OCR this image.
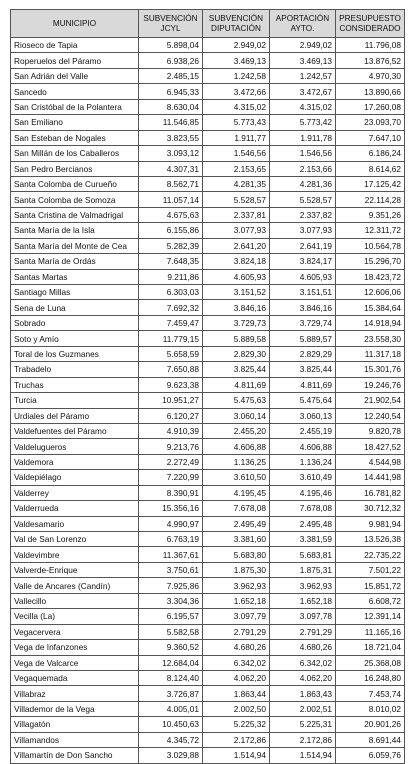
MUNICIPIO	SUBVENCIÓN JCYL	SUBVENCIÓN DIPUTACIÓN	APORTACIÓN AYTO.	PRESUPUESTO CONSIDERADO
Rioseco de Tapia	5.898,04	2.949,02	2.949,02	11.796,08
Roperuelos del Páramo	6.938,26	3.469,13	3.469,13	13.876,52
San Adrián del Valle	2.485,15	1.242,58	1.242,57	4.970,30
Sancedo	6.945,33	3.472,66	3.472,67	13.890,66
San Cristóbal de la Polantera	8.630,04	4.315,02	4.315,02	17.260,08
San Emiliano	11.546,85	5.773,43	5.773,42	23.093,70
San Esteban de Nogales	3.823,55	1.911,77	1.911,78	7.647,10
San Millán de los Caballeros	3.093,12	1.546,56	1.546,56	6.186,24
San Pedro Bercianos	4.307,31	2.153,65	2.153,66	8.614,62
Santa Colomba de Curueño	8.562,71	4.281,35	4.281,36	17.125,42
Santa Colomba de Somoza	11.057,14	5.528,57	5.528,57	22.114,28
Santa Cristina de Valmadrigal	4.675,63	2.337,81	2.337,82	9.351,26
Santa María de la Isla	6.155,86	3.077,93	3.077,93	12.311,72
Santa María del Monte de Cea	5.282,39	2.641,20	2.641,19	10.564,78
Santa María de Ordás	7.648,35	3.824,18	3.824,17	15.296,70
Santas Martas	9.211,86	4.605,93	4.605,93	18.423,72
Santiago Millas	6.303,03	3.151,52	3.151,51	12.606,06
Sena de Luna	7.692,32	3.846,16	3.846,16	15.384,64
Sobrado	7.459,47	3.729,73	3.729,74	14.918,94
Soto y Amío	11.779,15	5.889,58	5.889,57	23.558,30
Toral de los Guzmanes	5.658,59	2.829,30	2.829,29	11.317,18
Trabadelo	7.650,88	3.825,44	3.825,44	15.301,76
Truchas	9.623,38	4.811,69	4.811,69	19.246,76
Turcia	10.951,27	5.475,63	5.475,64	21.902,54
Urdiales del Páramo	6.120,27	3.060,14	3.060,13	12.240,54
Valdefuentes del Páramo	4.910,39	2.455,20	2.455,19	9.820,78
Valdelugueros	9.213,76	4.606,88	4.606,88	18.427,52
Valdemora	2.272,49	1.136,25	1.136,24	4.544,98
Valdepiélago	7.220,99	3.610,50	3.610,49	14.441,98
Valderrey	8.390,91	4.195,45	4.195,46	16.781,82
Valderrueda	15.356,16	7.678,08	7.678,08	30.712,32
Valdesamario	4.990,97	2.495,49	2.495,48	9.981,94
Val de San Lorenzo	6.763,19	3.381,60	3.381,59	13.526,38
Valdevimbre	11.367,61	5.683,80	5.683,81	22.735,22
Valverde-Enrique	3.750,61	1.875,30	1.875,31	7.501,22
Valle de Ancares (Candín)	7.925,86	3.962,93	3.962,93	15.851,72
Vallecillo	3.304,36	1.652,18	1.652,18	6.608,72
Vecilla (La)	6.195,57	3.097,79	3.097,78	12.391,14
Vegacervera	5.582,58	2.791,29	2.791,29	11.165,16
Vega de Infanzones	9.360,52	4.680,26	4.680,26	18.721,04
Vega de Valcarce	12.684,04	6.342,02	6.342,02	25.368,08
Vegaquemada	8.124,40	4.062,20	4.062,20	16.248,80
Villabraz	3.726,87	1.863,44	1.863,43	7.453,74
Villademor de la Vega	4.005,01	2.002,50	2.002,51	8.010,02
Villagatón	10.450,63	5.225,32	5.225,31	20.901,26
Villamandos	4.345,72	2.172,86	2.172,86	8.691,44
Villamartín de Don Sancho	3.029,88	1.514,94	1.514,94	6.059,76
